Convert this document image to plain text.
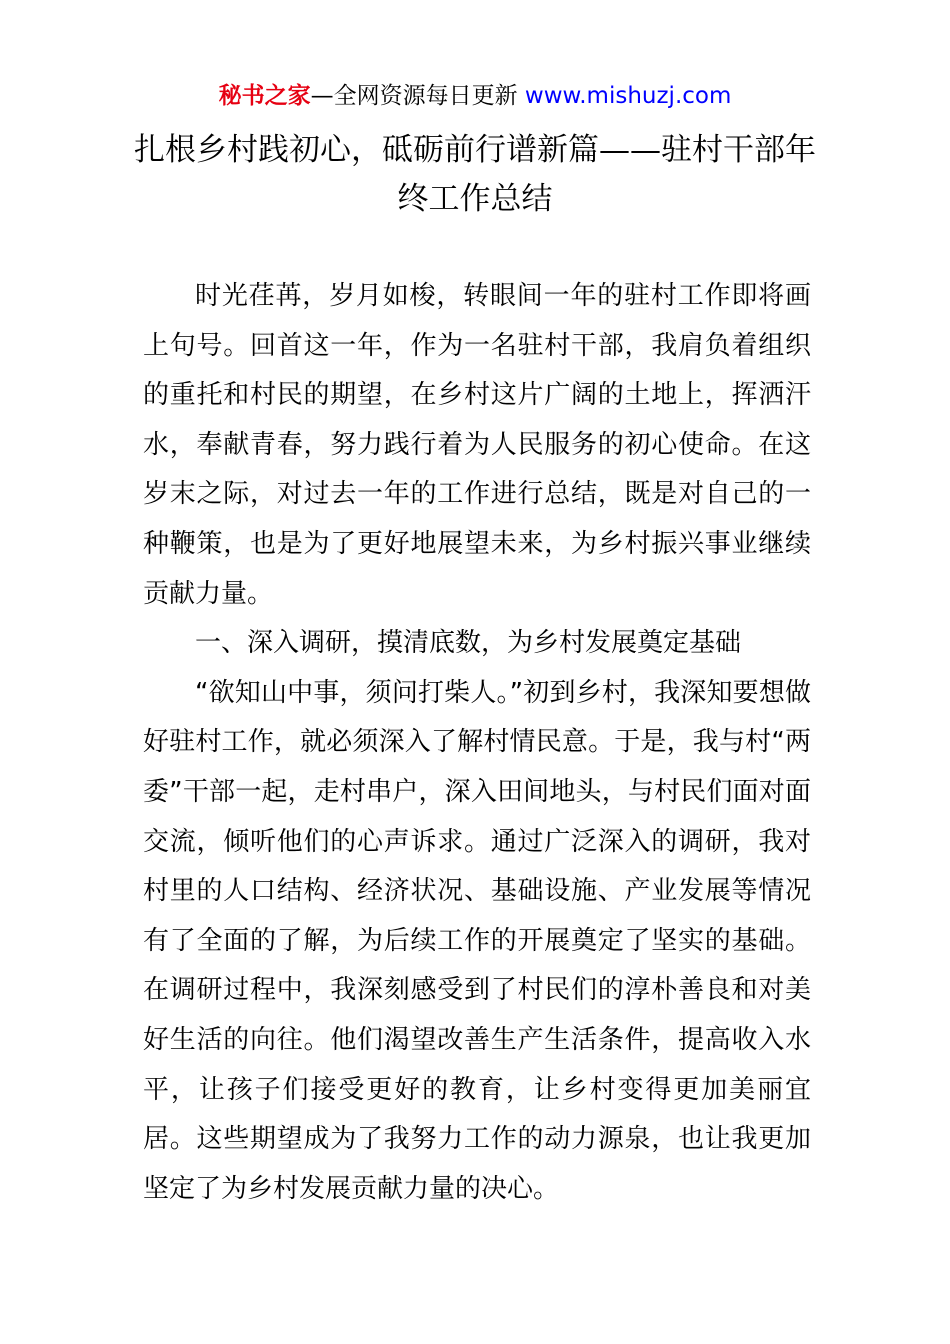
秘书之家—全网资源每日更新 www.mishuzj.com
扎根乡村践初心，砥砺前行谱新篇——驻村干部年终工作总结

时光荏苒，岁月如梭，转眼间一年的驻村工作即将画上句号。回首这一年，作为一名驻村干部，我肩负着组织的重托和村民的期望，在乡村这片广阔的土地上，挥洒汗水，奉献青春，努力践行着为人民服务的初心使命。在这岁末之际，对过去一年的工作进行总结，既是对自己的一种鞭策，也是为了更好地展望未来，为乡村振兴事业继续贡献力量。

一、深入调研，摸清底数，为乡村发展奠定基础

“欲知山中事，须问打柴人。”初到乡村，我深知要想做好驻村工作，就必须深入了解村情民意。于是，我与村“两委”干部一起，走村串户，深入田间地头，与村民们面对面交流，倾听他们的心声诉求。通过广泛深入的调研，我对村里的人口结构、经济状况、基础设施、产业发展等情况有了全面的了解，为后续工作的开展奠定了坚实的基础。在调研过程中，我深刻感受到了村民们的淳朴善良和对美好生活的向往。他们渴望改善生产生活条件，提高收入水平，让孩子们接受更好的教育，让乡村变得更加美丽宜居。这些期望成为了我努力工作的动力源泉，也让我更加坚定了为乡村发展贡献力量的决心。
